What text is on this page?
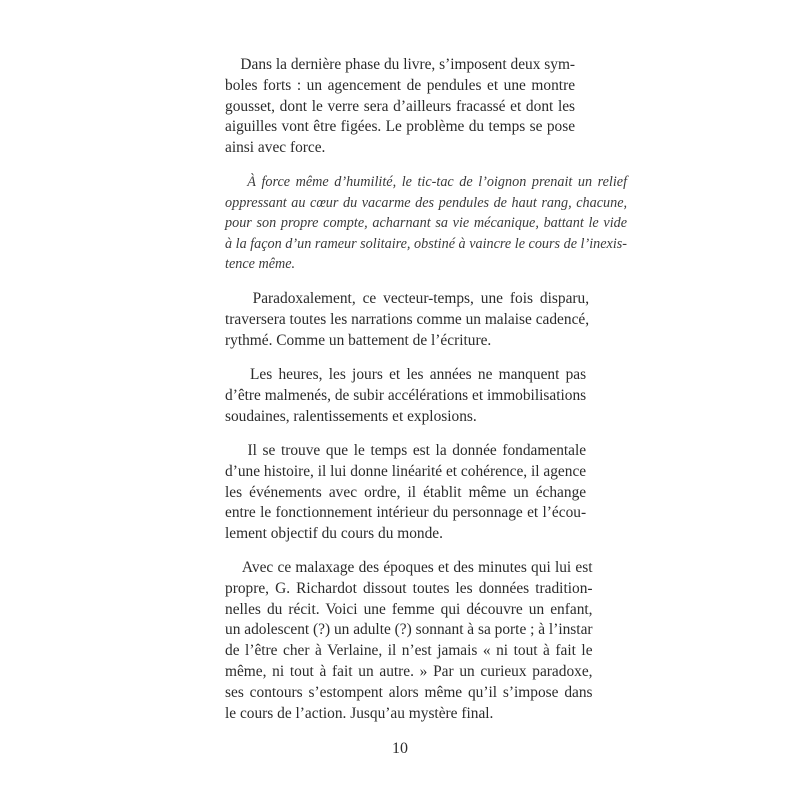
Dans la dernière phase du livre, s’imposent deux sym-
boles forts : un agencement de pendules et une montre
gousset, dont le verre sera d’ailleurs fracassé et dont les
aiguilles vont être figées. Le problème du temps se pose
ainsi avec force.

À force même d’humilité, le tic-tac de l’oignon prenait un relief
oppressant au cœur du vacarme des pendules de haut rang, chacune,
pour son propre compte, acharnant sa vie mécanique, battant le vide
à la façon d’un rameur solitaire, obstiné à vaincre le cours de l’inexis-
tence même.

Paradoxalement, ce vecteur-temps, une fois disparu,
traversera toutes les narrations comme un malaise cadencé,
rythmé. Comme un battement de l’écriture.

Les heures, les jours et les années ne manquent pas
d’être malmenés, de subir accélérations et immobilisations
soudaines, ralentissements et explosions.

Il se trouve que le temps est la donnée fondamentale
d’une histoire, il lui donne linéarité et cohérence, il agence
les événements avec ordre, il établit même un échange
entre le fonctionnement intérieur du personnage et l’écou-
lement objectif du cours du monde.

Avec ce malaxage des époques et des minutes qui lui est
propre, G. Richardot dissout toutes les données tradition-
nelles du récit. Voici une femme qui découvre un enfant,
un adolescent (?) un adulte (?) sonnant à sa porte ; à l’instar
de l’être cher à Verlaine, il n’est jamais « ni tout à fait le
même, ni tout à fait un autre. » Par un curieux paradoxe,
ses contours s’estompent alors même qu’il s’impose dans
le cours de l’action. Jusqu’au mystère final.

10
